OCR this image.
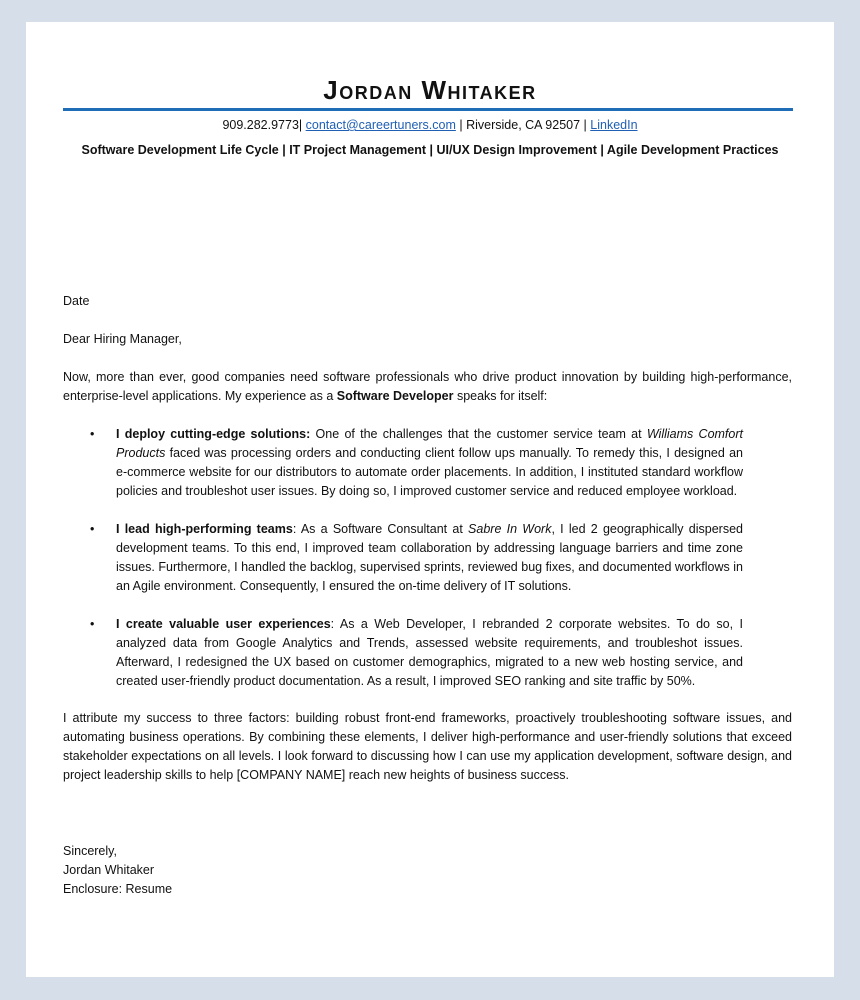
Jordan Whitaker
909.282.9773| contact@careertuners.com | Riverside, CA 92507 | LinkedIn
Software Development Life Cycle | IT Project Management | UI/UX Design Improvement | Agile Development Practices
Date
Dear Hiring Manager,
Now, more than ever, good companies need software professionals who drive product innovation by building high-performance, enterprise-level applications. My experience as a Software Developer speaks for itself:
• I deploy cutting-edge solutions: One of the challenges that the customer service team at Williams Comfort Products faced was processing orders and conducting client follow ups manually. To remedy this, I designed an e-commerce website for our distributors to automate order placements. In addition, I instituted standard workflow policies and troubleshot user issues. By doing so, I improved customer service and reduced employee workload.
• I lead high-performing teams: As a Software Consultant at Sabre In Work, I led 2 geographically dispersed development teams. To this end, I improved team collaboration by addressing language barriers and time zone issues. Furthermore, I handled the backlog, supervised sprints, reviewed bug fixes, and documented workflows in an Agile environment. Consequently, I ensured the on-time delivery of IT solutions.
• I create valuable user experiences: As a Web Developer, I rebranded 2 corporate websites. To do so, I analyzed data from Google Analytics and Trends, assessed website requirements, and troubleshot issues. Afterward, I redesigned the UX based on customer demographics, migrated to a new web hosting service, and created user-friendly product documentation. As a result, I improved SEO ranking and site traffic by 50%.
I attribute my success to three factors: building robust front-end frameworks, proactively troubleshooting software issues, and automating business operations. By combining these elements, I deliver high-performance and user-friendly solutions that exceed stakeholder expectations on all levels. I look forward to discussing how I can use my application development, software design, and project leadership skills to help [COMPANY NAME] reach new heights of business success.
Sincerely,
Jordan Whitaker
Enclosure: Resume
